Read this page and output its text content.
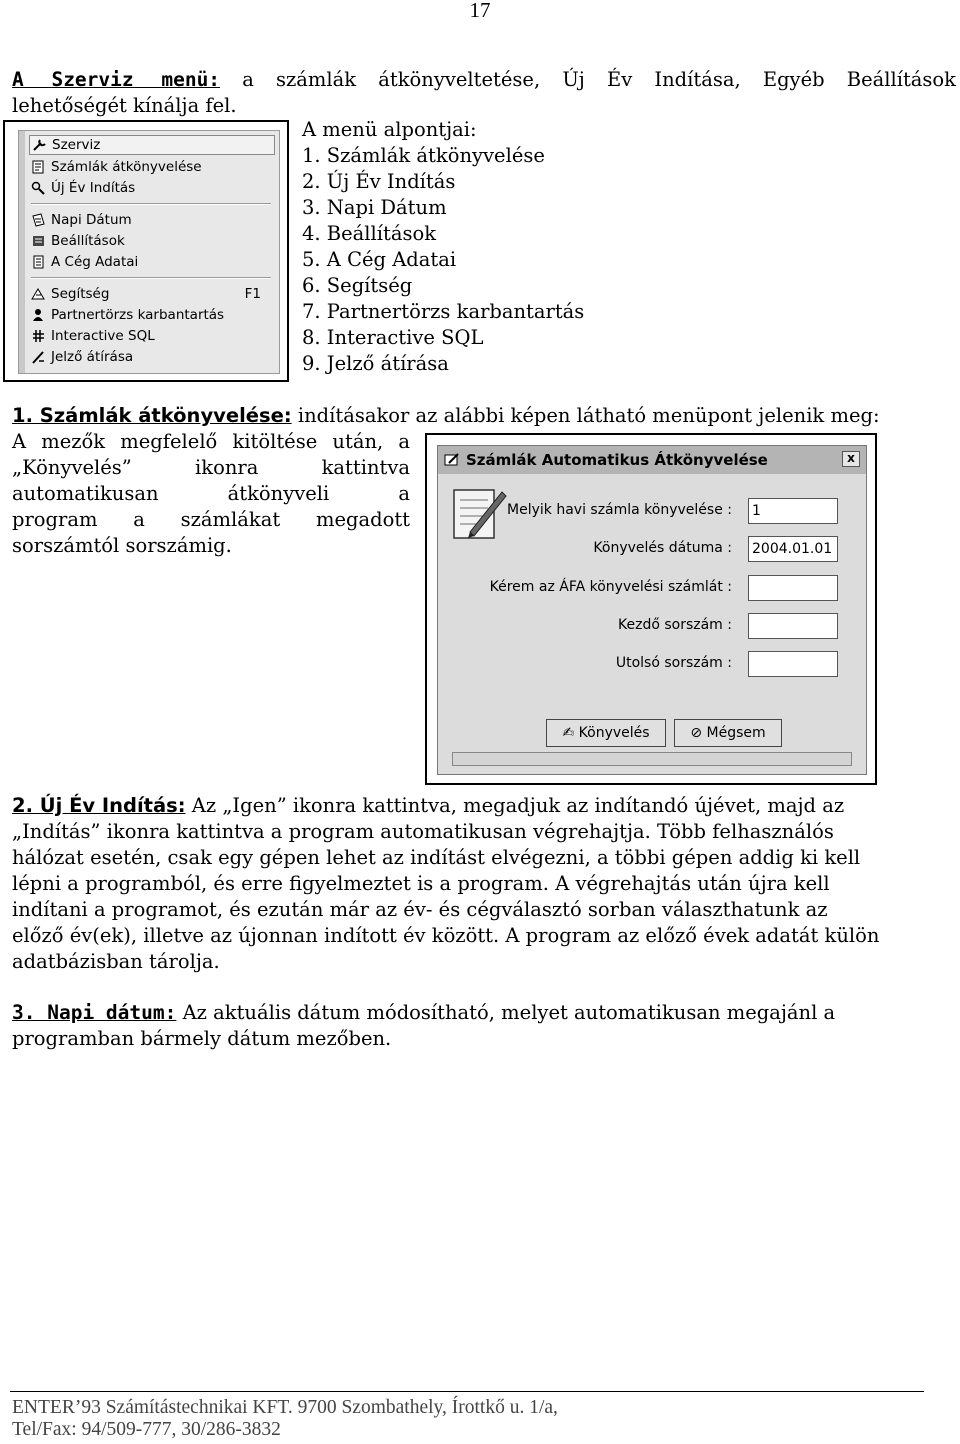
17
A Szerviz menü: a számlák átkönyveltetése, Új Év Indítása, Egyéb Beállítások
lehetőségét kínálja fel.
Szerviz
Számlák átkönyvelése
Új Év Indítás
Napi Dátum
Beállítások
A Cég Adatai
Segítség	F1
Partnertörzs karbantartás
Interactive SQL
Jelző átírása
A menü alpontjai:
1. Számlák átkönyvelése
2. Új Év Indítás
3. Napi Dátum
4. Beállítások
5. A Cég Adatai
6. Segítség
7. Partnertörzs karbantartás
8. Interactive SQL
9. Jelző átírása
1. Számlák átkönyvelése: indításakor az alábbi képen látható menüpont jelenik meg:
A mezők megfelelő kitöltése után, a
„Könyvelés” ikonra kattintva
automatikusan átkönyveli a
program a számlákat megadott
sorszámtól sorszámig.
Számlák Automatikus Átkönyvelése	x
Melyik havi számla könyvelése : 1
Könyvelés dátuma : 2004.01.01
Kérem az ÁFA könyvelési számlát :
Kezdő sorszám :
Utolsó sorszám :
✍ Könyvelés	⊘ Mégsem
2. Új Év Indítás: Az „Igen” ikonra kattintva, megadjuk az indítandó újévet, majd az
„Indítás” ikonra kattintva a program automatikusan végrehajtja. Több felhasználós
hálózat esetén, csak egy gépen lehet az indítást elvégezni, a többi gépen addig ki kell
lépni a programból, és erre figyelmeztet is a program. A végrehajtás után újra kell
indítani a programot, és ezután már az év- és cégválasztó sorban választhatunk az
előző év(ek), illetve az újonnan indított év között. A program az előző évek adatát külön
adatbázisban tárolja.
3. Napi dátum: Az aktuális dátum módosítható, melyet automatikusan megajánl a
programban bármely dátum mezőben.
ENTER’93 Számítástechnikai KFT. 9700 Szombathely, Írottkő u. 1/a,
Tel/Fax: 94/509-777, 30/286-3832
